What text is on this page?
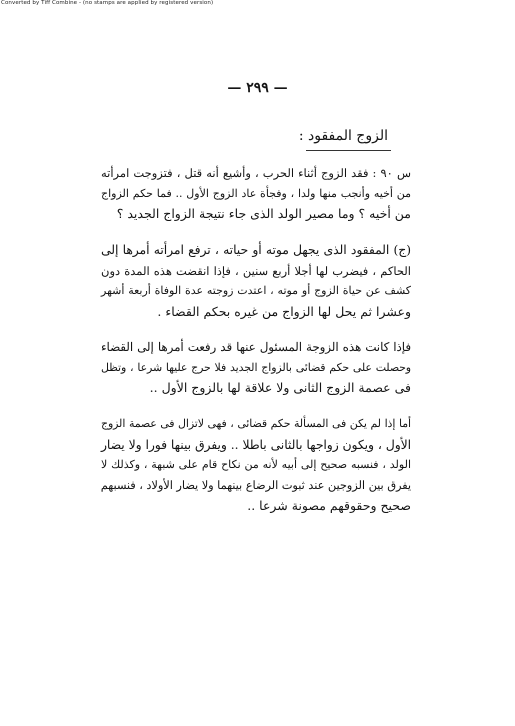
Converted by Tiff Combine - (no stamps are applied by registered version)
— ٢٩٩ —
الزوج المفقود :
س ٩٠ : فقد الزوج أثناء الحرب ، وأشيع أنه قتل ، فتزوجت امرأته
من أخيه وأنجب منها ولدا ، وفجأة عاد الزوج الأول .. فما حكم الزواج
من أخيه ؟ وما مصير الولد الذى جاء نتيجة الزواج الجديد ؟
(ج) المفقود الذى يجهل موته أو حياته ، ترفع امرأته أمرها إلى
الحاكم ، فيضرب لها أجلا أربع سنين ، فإذا انقضت هذه المدة دون
كشف عن حياة الزوج أو موته ، اعتدت زوجته عدة الوفاة أربعة أشهر
وعشرا ثم يحل لها الزواج من غيره بحكم القضاء .
فإذا كانت هذه الزوجة المسئول عنها قد رفعت أمرها إلى القضاء
وحصلت على حكم قضائى بالزواج الجديد فلا حرج عليها شرعا ، وتظل
فى عصمة الزوج الثانى ولا علاقة لها بالزوج الأول ..
أما إذا لم يكن فى المسألة حكم قضائى ، فهى لاتزال فى عصمة الزوج
الأول ، ويكون زواجها بالثانى باطلا .. ويفرق بينها فورا ولا يضار
الولد ، فنسبه صحيح إلى أبيه لأنه من نكاح قام على شبهة ، وكذلك لا
يفرق بين الزوجين عند ثبوت الرضاع بينهما ولا يضار الأولاد ، فنسبهم
صحيح وحقوقهم مصونة شرعا ..
